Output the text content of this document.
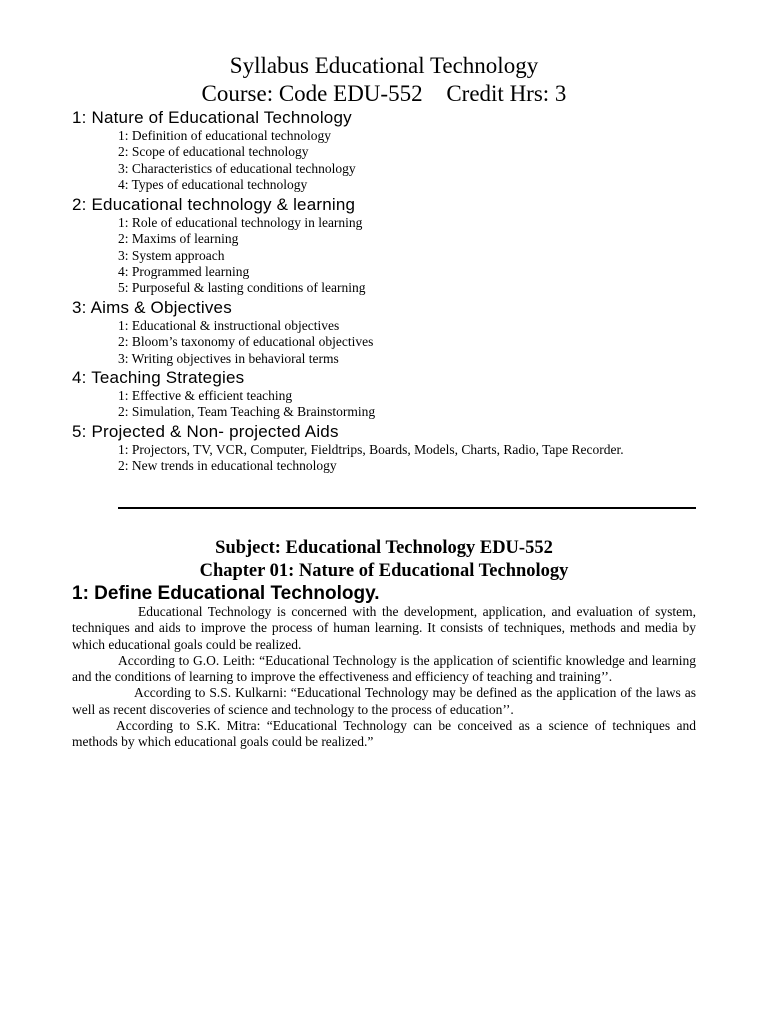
Syllabus Educational Technology
Course: Code EDU-552 Credit Hrs: 3
1: Nature of Educational Technology
1: Definition of educational technology
2: Scope of educational technology
3: Characteristics of educational technology
4: Types of educational technology
2: Educational technology & learning
1: Role of educational technology in learning
2: Maxims of learning
3: System approach
4: Programmed learning
5: Purposeful & lasting conditions of learning
3: Aims & Objectives
1: Educational & instructional objectives
2: Bloom’s taxonomy of educational objectives
3: Writing objectives in behavioral terms
4: Teaching Strategies
1: Effective & efficient teaching
2: Simulation, Team Teaching & Brainstorming
5: Projected & Non- projected Aids
1: Projectors, TV, VCR, Computer, Fieldtrips, Boards, Models, Charts, Radio, Tape Recorder.
2: New trends in educational technology
Subject: Educational Technology EDU-552
Chapter 01: Nature of Educational Technology
1: Define Educational Technology.

Educational Technology is concerned with the development, application, and evaluation of system, techniques and aids to improve the process of human learning. It consists of techniques, methods and media by which educational goals could be realized.

According to G.O. Leith: “Educational Technology is the application of scientific knowledge and learning and the conditions of learning to improve the effectiveness and efficiency of teaching and training’’.

According to S.S. Kulkarni: “Educational Technology may be defined as the application of the laws as well as recent discoveries of science and technology to the process of education’’.

According to S.K. Mitra: “Educational Technology can be conceived as a science of techniques and methods by which educational goals could be realized.”
